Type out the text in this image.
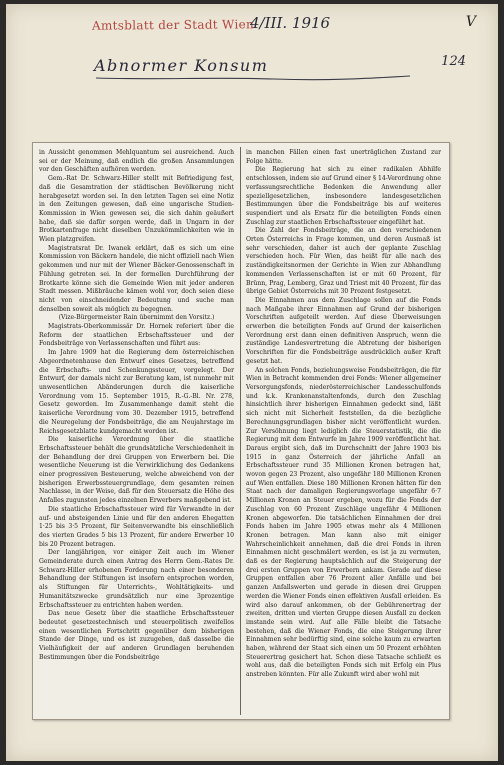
Amtsblatt der Stadt Wien
4/III. 1916	V
Abnormer Konsum	124

in Aussicht genommen Mehlquantum sei ausreichend. Auch sei er der Meinung, daß endlich die großen Ansammlungen vor den Geschäften aufhören werden.

Gem.-Rat Dr. Schwarz-Hiller stellt mit Befriedigung fest, daß die Gesamtration der städtischen Bevölkerung nicht herabgesetzt worden sei. In den letzten Tagen sei eine Notiz in den Zeitungen gewesen, daß eine ungarische Studien-Kommission in Wien gewesen sei, die sich dahin geäußert habe, daß sie dafür sorgen werde, daß in Ungarn in der Brotkartenfrage nicht dieselben Unzukömmlichkeiten wie in Wien platzgreifen.

Magistratsrat Dr. Iwanek erklärt, daß es sich um eine Kommission von Bäckern handele, die nicht offiziell nach Wien gekommen und nur mit der Wiener Bäcker-Genossenschaft in Fühlung getreten sei. In der formellen Durchführung der Brotkarte könne sich die Gemeinde Wien mit jeder anderen Stadt messen. Mißbräuche kämen wohl vor, doch seien diese nicht von einschneidender Bedeutung und suche man denselben soweit als möglich zu begegnen.

(Vize-Bürgermeister Rain übernimmt den Vorsitz.)

Magistrats-Oberkommissär Dr. Hornek referiert über die Reform der staatlichen Erbschaftssteuer und der Fondsbeiträge von Verlassenschaften und führt aus:

Im Jahre 1909 hat die Regierung dem österreichischen Abgeordnetenhause den Entwurf eines Gesetzes, betreffend die Erbschafts- und Schenkungssteuer, vorgelegt. Der Entwurf, der damals nicht zur Beratung kam, ist nunmehr mit unwesentlichen Abänderungen durch die kaiserliche Verordnung vom 15. September 1915, R.-G.-Bl. Nr. 278, Gesetz geworden. Im Zusammenhange damit steht die kaiserliche Verordnung vom 30. Dezember 1915, betreffend die Neuregelung der Fondsbeiträge, die am Neujahrstage im Reichsgesetzblatte kundgemacht worden ist.

Die kaiserliche Verordnung über die staatliche Erbschaftssteuer behält die grundsätzliche Verschiedenheit in der Behandlung der drei Gruppen von Erwerbern bei. Die wesentliche Neuerung ist die Verwirklichung des Gedankens einer progressiven Besteuerung, welche abweichend von der bisherigen Erwerbssteuergrundlage, dem gesamten reinen Nachlasse, in der Weise, daß für den Steuersatz die Höhe des Anfalles zugunsten jedes einzelnen Erwerbers maßgebend ist.

Die staatliche Erbschaftssteuer wird für Verwandte in der auf- und absteigenden Linie und für den anderen Ehegatten 1·25 bis 3·5 Prozent, für Seitenverwandte bis einschließlich des vierten Grades 5 bis 13 Prozent, für andere Erwerber 10 bis 20 Prozent betragen.

Der langjährigen, vor einiger Zeit auch im Wiener Gemeinderate durch einen Antrag des Herrn Gem.-Rates Dr. Schwarz-Hiller erhobenen Forderung nach einer besonderen Behandlung der Stiftungen ist insofern entsprochen worden, als Stiftungen für Unterrichts-, Wohltätigkeits- und Humanitätszwecke grundsätzlich nur eine 3prozentige Erbschaftssteuer zu entrichten haben werden.

Das neue Gesetz über die staatliche Erbschaftssteuer bedeutet gesetzestechnisch und steuerpolitisch zweifellos einen wesentlichen Fortschritt gegenüber dem bisherigen Stande der Dinge, und es ist zuzugeben, daß dasselbe die Vielhäufigkeit der auf anderen Grundlagen beruhenden Bestimmungen über die Fondsbeiträge

in manchen Fällen einen fast unerträglichen Zustand zur Folge hätte.

Die Regierung hat sich zu einer radikalen Abhilfe entschlossen, indem sie auf Grund einer § 14-Verordnung ohne verfassungsrechtliche Bedenken die Anwendung aller speziellgesetzlichen, insbesondere landesgesetzlichen Bestimmungen über die Fondsbeiträge bis auf weiteres suspendiert und als Ersatz für die beteiligten Fonds einen Zuschlag zur staatlichen Erbschaftssteuer eingeführt hat.

Die Zahl der Fondsbeiträge, die an den verschiedenen Orten Österreichs in Frage kommen, und deren Ausmaß ist sehr verschieden, daher ist auch der geplante Zuschlag verschieden hoch. Für Wien, das heißt für alle nach des zuständigkeitsnormen der Gerichte in Wien zur Abhandlung kommenden Verlassenschaften ist er mit 60 Prozent, für Brünn, Prag, Lemberg, Graz und Triest mit 40 Prozent, für das übrige Gebiet Österreichs mit 30 Prozent festgesetzt.

Die Einnahmen aus dem Zuschlage sollen auf die Fonds nach Maßgabe ihrer Einnahmen auf Grund der bisherigen Vorschriften aufgeteilt werden. Auf diese Überweisungen erwerben die beteiligten Fonds auf Grund der kaiserlichen Verordnung erst dann einen definitiven Anspruch, wenn die zuständige Landesvertretung die Abtretung der bisherigen Vorschriften für die Fondsbeiträge ausdrücklich außer Kraft gesetzt hat.

An solchen Fonds, beziehungsweise Fondsbeiträgen, die für Wien in Betracht kommenden drei Fonds: Wiener allgemeiner Versorgungsfonds, niederösterreichischer Landesschulfonds und k.k. Krankenanstaltenfonds, durch den Zuschlag hinsichtlich ihrer bisherigen Einnahmen gedeckt sind, läßt sich nicht mit Sicherheit feststellen, da die bezügliche Berechnungsgrundlagen bisher nicht veröffentlicht wurden. Zur Versöhnung liegt lediglich die Steuerstatistik, die die Regierung mit dem Entwurfe im Jahre 1909 veröffentlicht hat. Daraus ergibt sich, daß im Durchschnitt der Jahre 1903 bis 1915 in ganz Österreich der jährliche Anfall an Erbschaftssteuer rund 35 Millionen Kronen betragen hat, wovon gegen 23 Prozent, also ungefähr 180 Millionen Kronen auf Wien entfallen. Diese 180 Millionen Kronen hätten für den Staat nach der damaligen Regierungsvorlage ungefähr 6·7 Millionen Kronen an Steuer ergeben, wozu für die Fonds der Zuschlag von 60 Prozent Zuschläge ungefähr 4 Millionen Kronen abgeworfen. Die tatsächlichen Einnahmen der drei Fonds haben im Jahre 1905 etwas mehr als 4 Millionen Kronen betragen. Man kann also mit einiger Wahrscheinlichkeit annehmen, daß die drei Fonds in ihren Einnahmen nicht geschmälert werden, es ist ja zu vermuten, daß es der Regierung hauptsächlich auf die Steigerung der drei ersten Gruppen von Erwerbern ankam. Gerade auf diese Gruppen entfallen aber 76 Prozent aller Anfälle und bei ganzen Anfallswerten und gerade in diesen drei Gruppen werden die Wiener Fonds einen effektiven Ausfall erleiden. Es wird also darauf ankommen, ob der Gebührenertrag der zweiten, dritten und vierten Gruppe diesen Ausfall zu decken imstande sein wird. Auf alle Fälle bleibt die Tatsache bestehen, daß die Wiener Fonds, die eine Steigerung ihrer Einnahmen sehr bedürftig sind, eine solche kaum zu erwarten haben, während der Staat sich einen um 50 Prozent erhöhten Steuerertrag gesichert hat. Schon diese Tatsache schließt es wohl aus, daß die beteiligten Fonds sich mit Erfolg ein Plus anstreben könnten. Für alle Zukunft wird aber wohl mit
